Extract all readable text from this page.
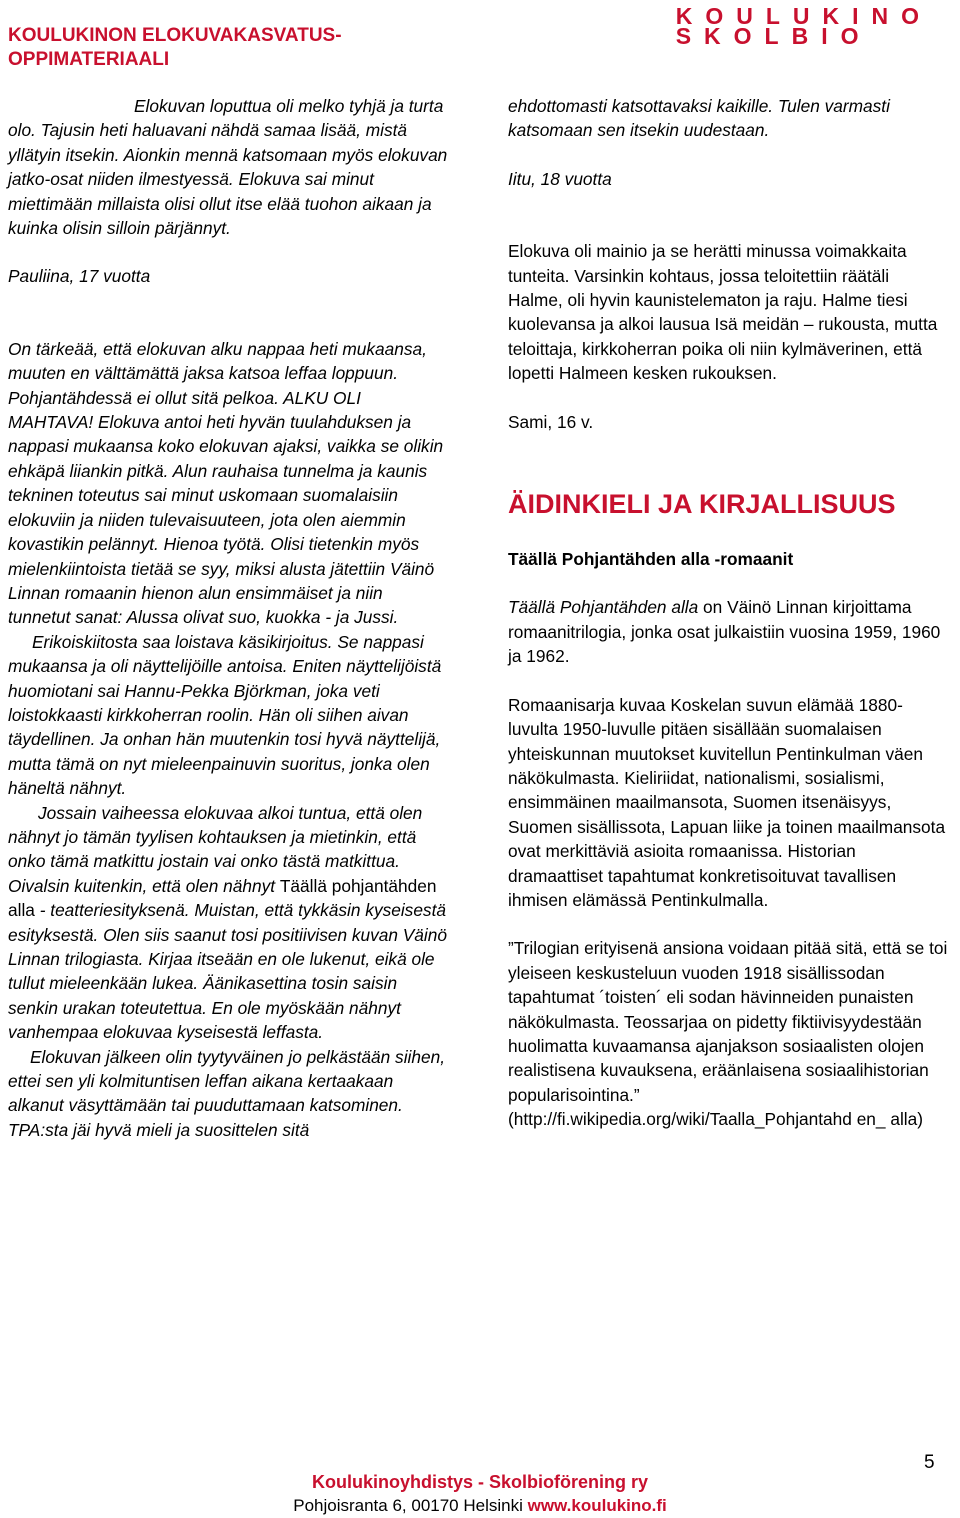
KOULUKINON ELOKUVAKASVATUS-OPPIMATERIAALI
KOULUKINO
SKOLBIO

Elokuvan loputtua oli melko tyhjä ja turta olo. Tajusin heti haluavani nähdä samaa lisää, mistä yllätyin itsekin. Aionkin mennä katsomaan myös elokuvan jatko-osat niiden ilmestyessä. Elokuva sai minut miettimään millaista olisi ollut itse elää tuohon aikaan ja kuinka olisin silloin pärjännyt.

Pauliina, 17 vuotta

On tärkeää, että elokuvan alku nappaa heti mukaansa, muuten en välttämättä jaksa katsoa leffaa loppuun. Pohjantähdessä ei ollut sitä pelkoa. ALKU OLI MAHTAVA! Elokuva antoi heti hyvän tuulahduksen ja nappasi mukaansa koko elokuvan ajaksi, vaikka se olikin ehkäpä liiankin pitkä. Alun rauhaisa tunnelma ja kaunis tekninen toteutus sai minut uskomaan suomalaisiin elokuviin ja niiden tulevaisuuteen, jota olen aiemmin kovastikin pelännyt. Hienoa työtä. Olisi tietenkin myös mielenkiintoista tietää se syy, miksi alusta jätettiin Väinö Linnan romaanin hienon alun ensimmäiset ja niin tunnetut sanat: Alussa olivat suo, kuokka - ja Jussi.

Erikoiskiitosta saa loistava käsikirjoitus. Se nappasi mukaansa ja oli näyttelijöille antoisa. Eniten näyttelijöistä huomiotani sai Hannu-Pekka Björkman, joka veti loistokkaasti kirkkoherran roolin. Hän oli siihen aivan täydellinen. Ja onhan hän muutenkin tosi hyvä näyttelijä, mutta tämä on nyt mieleenpainuvin suoritus, jonka olen häneltä nähnyt.

Jossain vaiheessa elokuvaa alkoi tuntua, että olen nähnyt jo tämän tyylisen kohtauksen ja mietinkin, että onko tämä matkittu jostain vai onko tästä matkittua. Oivalsin kuitenkin, että olen nähnyt Täällä pohjantähden alla - teatteriesityksenä. Muistan, että tykkäsin kyseisestä esityksestä. Olen siis saanut tosi positiivisen kuvan Väinö Linnan trilogiasta. Kirjaa itseään en ole lukenut, eikä ole tullut mieleenkään lukea. Äänikasettina tosin saisin senkin urakan toteutettua. En ole myöskään nähnyt vanhempaa elokuvaa kyseisestä leffasta.

Elokuvan jälkeen olin tyytyväinen jo pelkästään siihen, ettei sen yli kolmituntisen leffan aikana kertaakaan alkanut väsyttämään tai puuduttamaan katsominen. TPA:sta jäi hyvä mieli ja suosittelen sitä

ehdottomasti katsottavaksi kaikille. Tulen varmasti katsomaan sen itsekin uudestaan.

Iitu, 18 vuotta

Elokuva oli mainio ja se herätti minussa voimakkaita tunteita. Varsinkin kohtaus, jossa teloitettiin räätäli Halme, oli hyvin kaunistelematon ja raju. Halme tiesi kuolevansa ja alkoi lausua Isä meidän – rukousta, mutta teloittaja, kirkkoherran poika oli niin kylmäverinen, että lopetti Halmeen kesken rukouksen.

Sami, 16 v.

ÄIDINKIELI JA KIRJALLISUUS

Täällä Pohjantähden alla -romaanit

Täällä Pohjantähden alla on Väinö Linnan kirjoittama romaanitrilogia, jonka osat julkaistiin vuosina 1959, 1960 ja 1962.

Romaanisarja kuvaa Koskelan suvun elämää 1880-luvulta 1950-luvulle pitäen sisällään suomalaisen yhteiskunnan muutokset kuvitellun Pentinkulman väen näkökulmasta. Kieliriidat, nationalismi, sosialismi, ensimmäinen maailmansota, Suomen itsenäisyys, Suomen sisällissota, Lapuan liike ja toinen maailmansota ovat merkittäviä asioita romaanissa. Historian dramaattiset tapahtumat konkretisoituvat tavallisen ihmisen elämässä Pentinkulmalla.

”Trilogian erityisenä ansiona voidaan pitää sitä, että se toi yleiseen keskusteluun vuoden 1918 sisällissodan tapahtumat ´toisten´ eli sodan hävinneiden punaisten näkökulmasta. Teossarjaa on pidetty fiktiivisyydestään huolimatta kuvaamansa ajanjakson sosiaalisten olojen realistisena kuvauksena, eräänlaisena sosiaalihistorian popularisointina.” (http://fi.wikipedia.org/wiki/Taalla_Pohjantahd en_ alla)

5
Koulukinoyhdistys - Skolbioförening ry
Pohjoisranta 6, 00170 Helsinki www.koulukino.fi
